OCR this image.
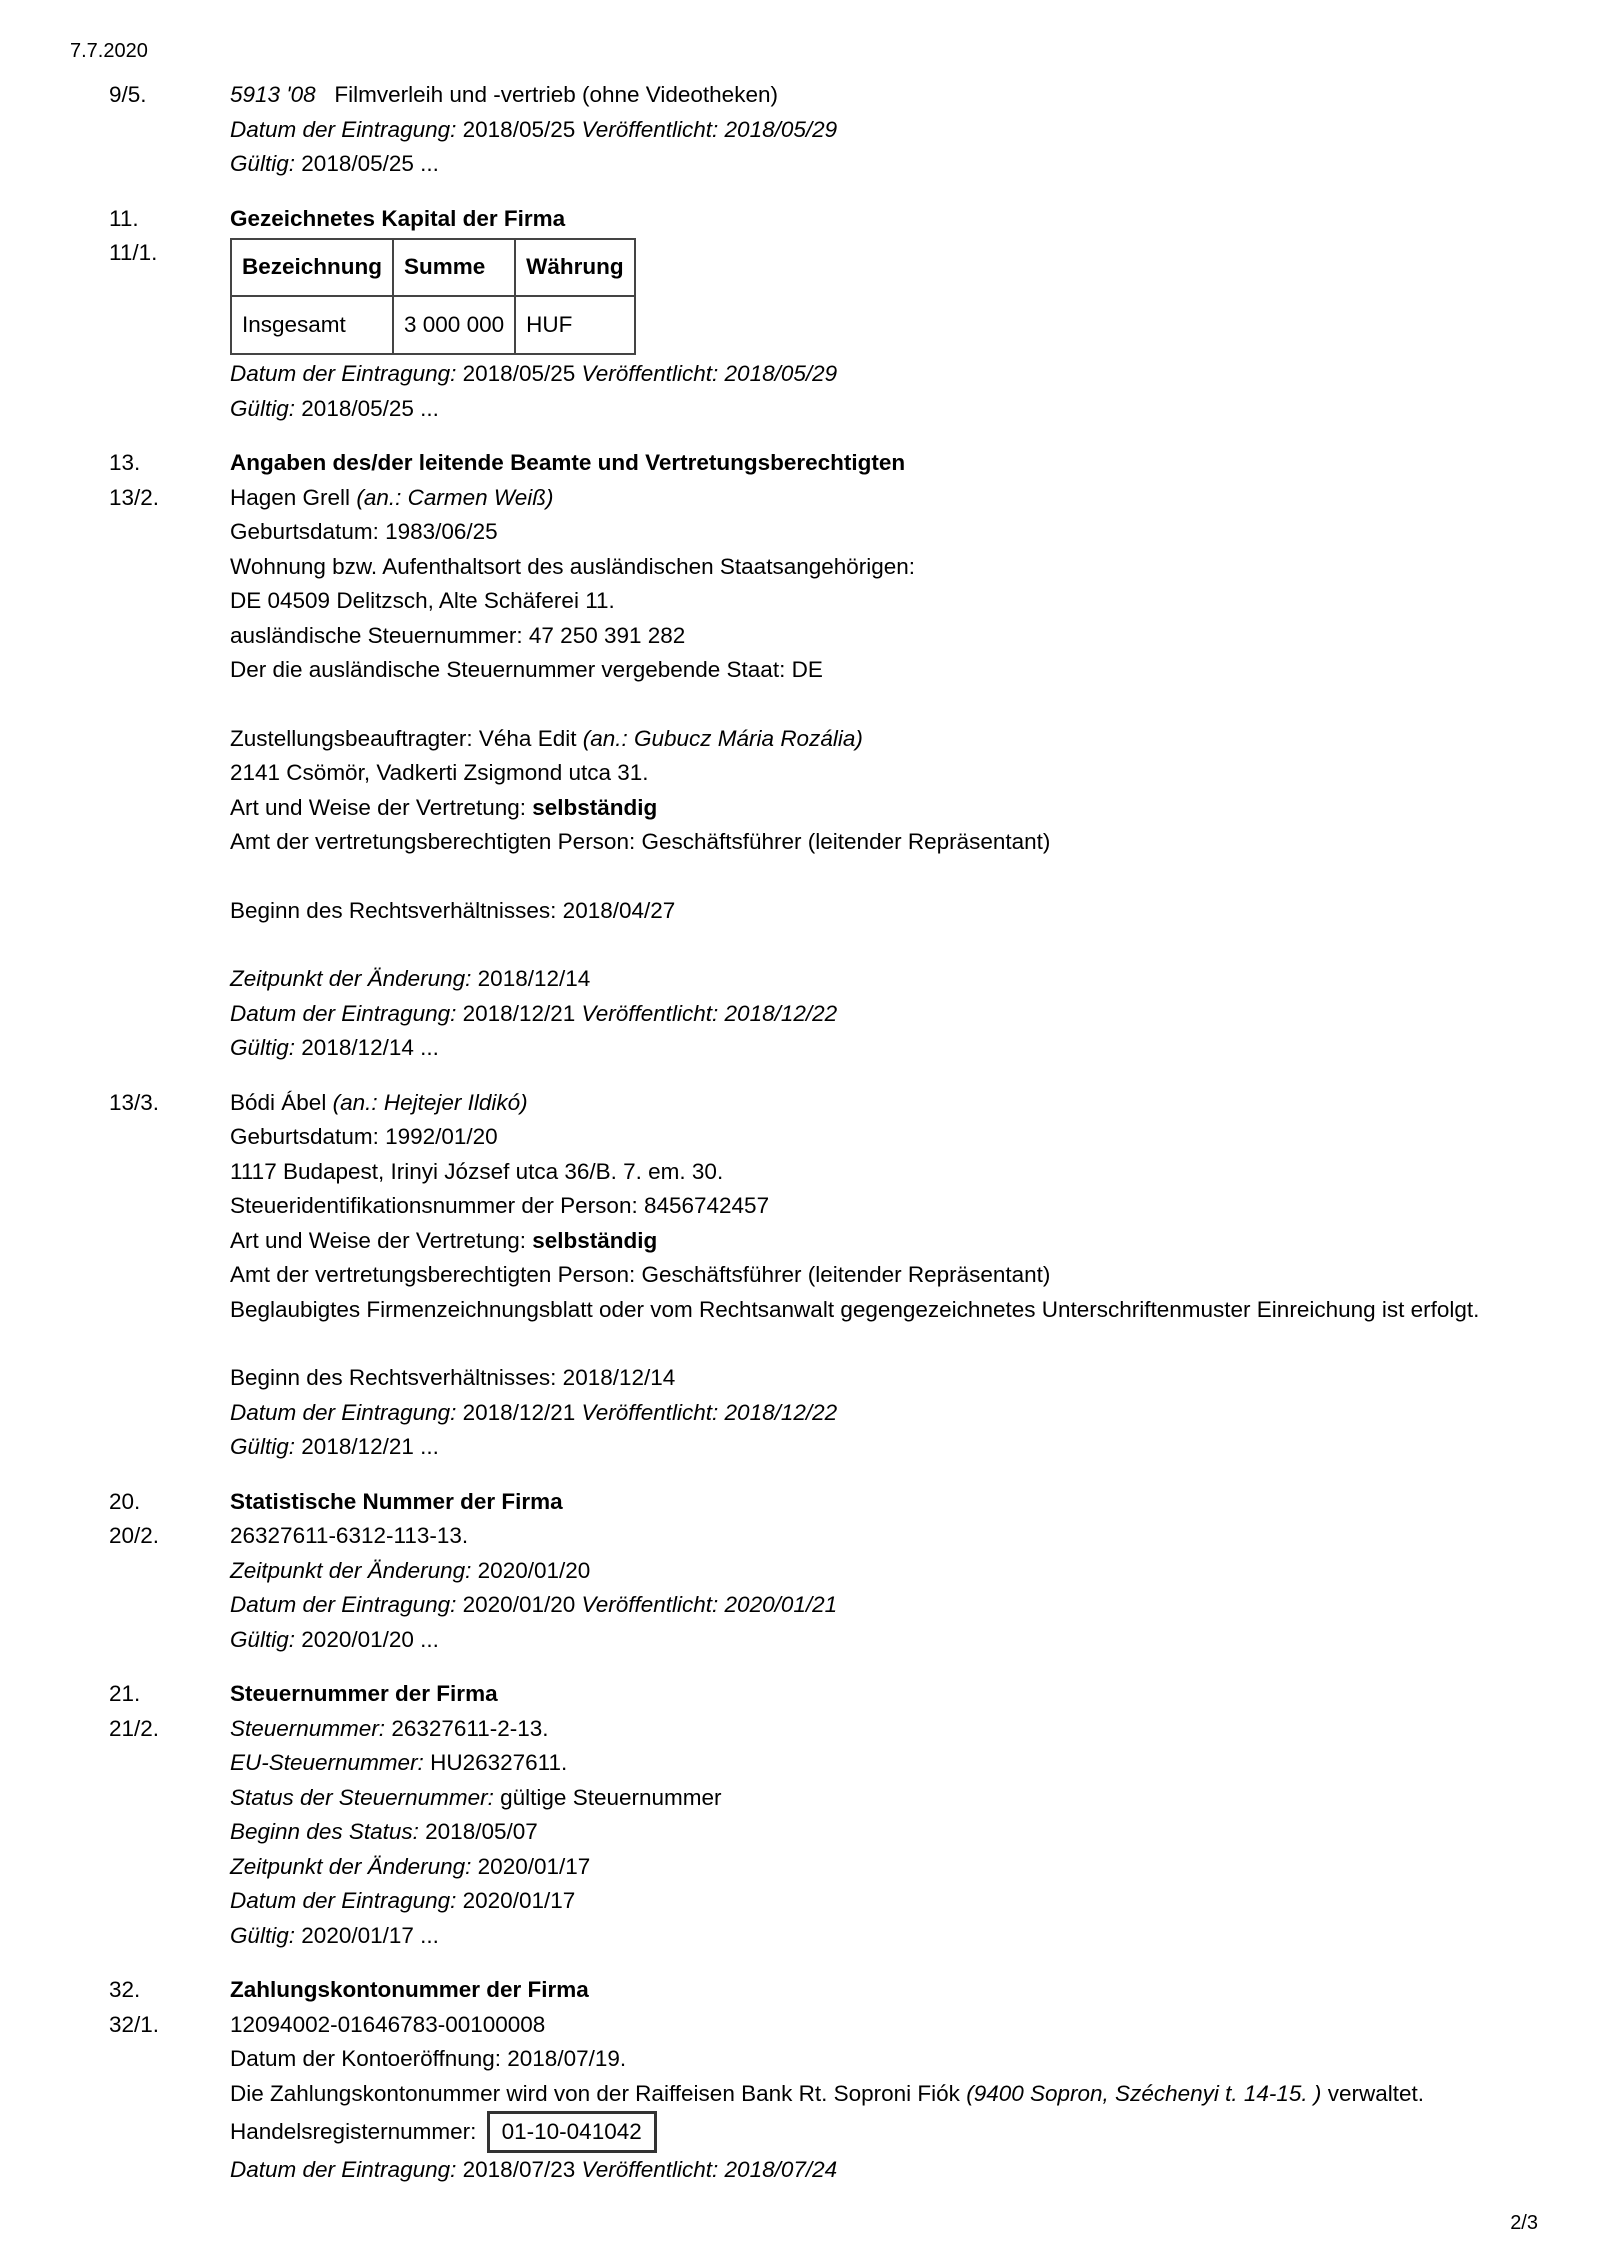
7.7.2020
9/5.	5913 '08 Filmverleih und -vertrieb (ohne Videotheken)
Datum der Eintragung: 2018/05/25 Veröffentlicht: 2018/05/29
Gültig: 2018/05/25 ...
11.	Gezeichnetes Kapital der Firma
11/1.
Bezeichnung	Summe	Währung
Insgesamt	3 000 000	HUF
Datum der Eintragung: 2018/05/25 Veröffentlicht: 2018/05/29
Gültig: 2018/05/25 ...
13.	Angaben des/der leitende Beamte und Vertretungsberechtigten
13/2.	Hagen Grell (an.: Carmen Weiß)
Geburtsdatum: 1983/06/25
Wohnung bzw. Aufenthaltsort des ausländischen Staatsangehörigen:
DE 04509 Delitzsch, Alte Schäferei 11.
ausländische Steuernummer: 47 250 391 282
Der die ausländische Steuernummer vergebende Staat: DE
Zustellungsbeauftragter: Véha Edit (an.: Gubucz Mária Rozália)
2141 Csömör, Vadkerti Zsigmond utca 31.
Art und Weise der Vertretung: selbständig
Amt der vertretungsberechtigten Person: Geschäftsführer (leitender Repräsentant)
Beginn des Rechtsverhältnisses: 2018/04/27
Zeitpunkt der Änderung: 2018/12/14
Datum der Eintragung: 2018/12/21 Veröffentlicht: 2018/12/22
Gültig: 2018/12/14 ...
13/3.	Bódi Ábel (an.: Hejtejer Ildikó)
Geburtsdatum: 1992/01/20
1117 Budapest, Irinyi József utca 36/B. 7. em. 30.
Steueridentifikationsnummer der Person: 8456742457
Art und Weise der Vertretung: selbständig
Amt der vertretungsberechtigten Person: Geschäftsführer (leitender Repräsentant)
Beglaubigtes Firmenzeichnungsblatt oder vom Rechtsanwalt gegengezeichnetes Unterschriftenmuster Einreichung ist erfolgt.
Beginn des Rechtsverhältnisses: 2018/12/14
Datum der Eintragung: 2018/12/21 Veröffentlicht: 2018/12/22
Gültig: 2018/12/21 ...
20.	Statistische Nummer der Firma
20/2.	26327611-6312-113-13.
Zeitpunkt der Änderung: 2020/01/20
Datum der Eintragung: 2020/01/20 Veröffentlicht: 2020/01/21
Gültig: 2020/01/20 ...
21.	Steuernummer der Firma
21/2.	Steuernummer: 26327611-2-13.
EU-Steuernummer: HU26327611.
Status der Steuernummer: gültige Steuernummer
Beginn des Status: 2018/05/07
Zeitpunkt der Änderung: 2020/01/17
Datum der Eintragung: 2020/01/17
Gültig: 2020/01/17 ...
32.	Zahlungskontonummer der Firma
32/1.	12094002-01646783-00100008
Datum der Kontoeröffnung: 2018/07/19.
Die Zahlungskontonummer wird von der Raiffeisen Bank Rt. Soproni Fiók (9400 Sopron, Széchenyi t. 14-15. ) verwaltet.
Handelsregisternummer: 01-10-041042
Datum der Eintragung: 2018/07/23 Veröffentlicht: 2018/07/24
2/3
